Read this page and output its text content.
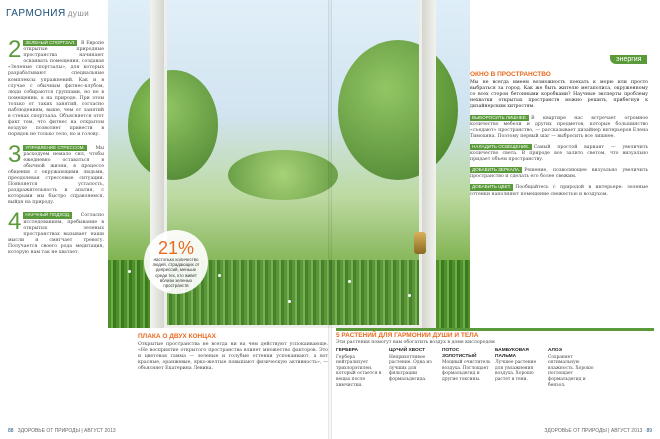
ГАРМОНИЯ души
2 ЗЕЛЕНЫЙ СПОРТЗАЛ. В Европе открытые природные пространства начинают осваивать помещения, создавая «Зеленые спортзалы», для которых разрабатывают специальные комплексы упражнений. Как и в случае с обычным фитнес-клубом, люди собираются группами, но не в помещении, а на природе. При этом только от таких занятий, согласно наблюдениям, выше, чем от занятий в стенах спортзала. Объясняется этот факт тем, что фитнес на открытом воздухе позволяет привести в порядок не только тело, но и голову.
3 УПРАВЛЕНИЕ СТРЕССОМ. Мы расходуем немало сил, чтобы ежедневно оставаться в обычной жизни, в процессе общения с окружающими людьми, преодолевая стрессовые ситуации. Появляется усталость, раздражительность и апатия, с которыми мы быстро справляемся, выйдя на природу.
4 НАУЧНЫЙ ПОДХОД. Согласно исследованиям, пребывание в открытых зеленых пространствах вызывает наши мысли и смягчает тревогу. Получается своего рода медитация, которую нам так не хватает.	21%
настолько количество людей, страдающих от депрессий, меньше среди тех, кто живет вблизи зеленых пространств
энергия
ОКНО В ПРОСТРАНСТВО

Мы не всегда имеем возможность поехать к морю или просто выбраться за город. Как же быть жителю мегаполиса, окруженному со всех сторон бетонными коробками? Научные эксперты проблему нехватки открытых пространств можно решить, прибегнув к дизайнерским хитростям.

ВЫБОРОСИТЬ ЛИШНЕЕ. В квартире нас встречает огромное количество мебели и других предметов, которые большинство «съедают» пространство, — рассказывает дизайнер интерьеров Елена Тимохина. Поэтому первый шаг — выбросить все лишнее.

НАЛАДИТЬ ОСВЕЩЕНИЕ. Самый простой вариант — увеличить количество света. В природе все залито светом, что визуально придает объем пространству.

ДОБАВИТЬ ЗЕРКАЛА. Решение, позволяющее визуально увеличить пространство и сделать его более свежим.

ДОБАВИТЬ ЦВЕТ. Пообщайтесь с природой в интерьере: зеленые оттенки наполняют помещение свежестью и воздухом.

ПЛАКА О ДВУХ КОНЦАХ

Открытые пространства не всегда ни на чем действуют успокаивающе. «Не восприятие открытого пространства влияет множество факторов. Это и цветовая гамма — зеленые и голубые оттенки успокаивают, а вот красные, оранжевые, ярко-желтые повышают физическую активность», — объясняет Екатерина Левина.

5 РАСТЕНИЙ ДЛЯ ГАРМОНИИ ДУШИ И ТЕЛА
Эти растения помогут вам обогатить воздух в доме кислородом
ГЕРБЕРА
Гербера нейтрализует трихлорэтилен, который остается в вещах после химчистки.
ЩУЧИЙ ХВОСТ
Неприхотливое растение. Одна из лучших для фильтрации формальдегида.
ПОТОС ЗОЛОТИСТЫЙ
Мощный очиститель воздуха. Поглощает формальдегид и другие токсины.
БАМБУКОВАЯ ПАЛЬМА
Лучшее растение для увлажнения воздуха. Хорошо растет в тени.
АЛОЭ
Сохраняет оптимальную влажность. Хорошо поглощает формальдегид и бензол.
88 ЗДОРОВЬЕ ОТ ПРИРОДЫ | АВГУСТ 2013	ЗДОРОВЬЕ ОТ ПРИРОДЫ | АВГУСТ 2013 89
